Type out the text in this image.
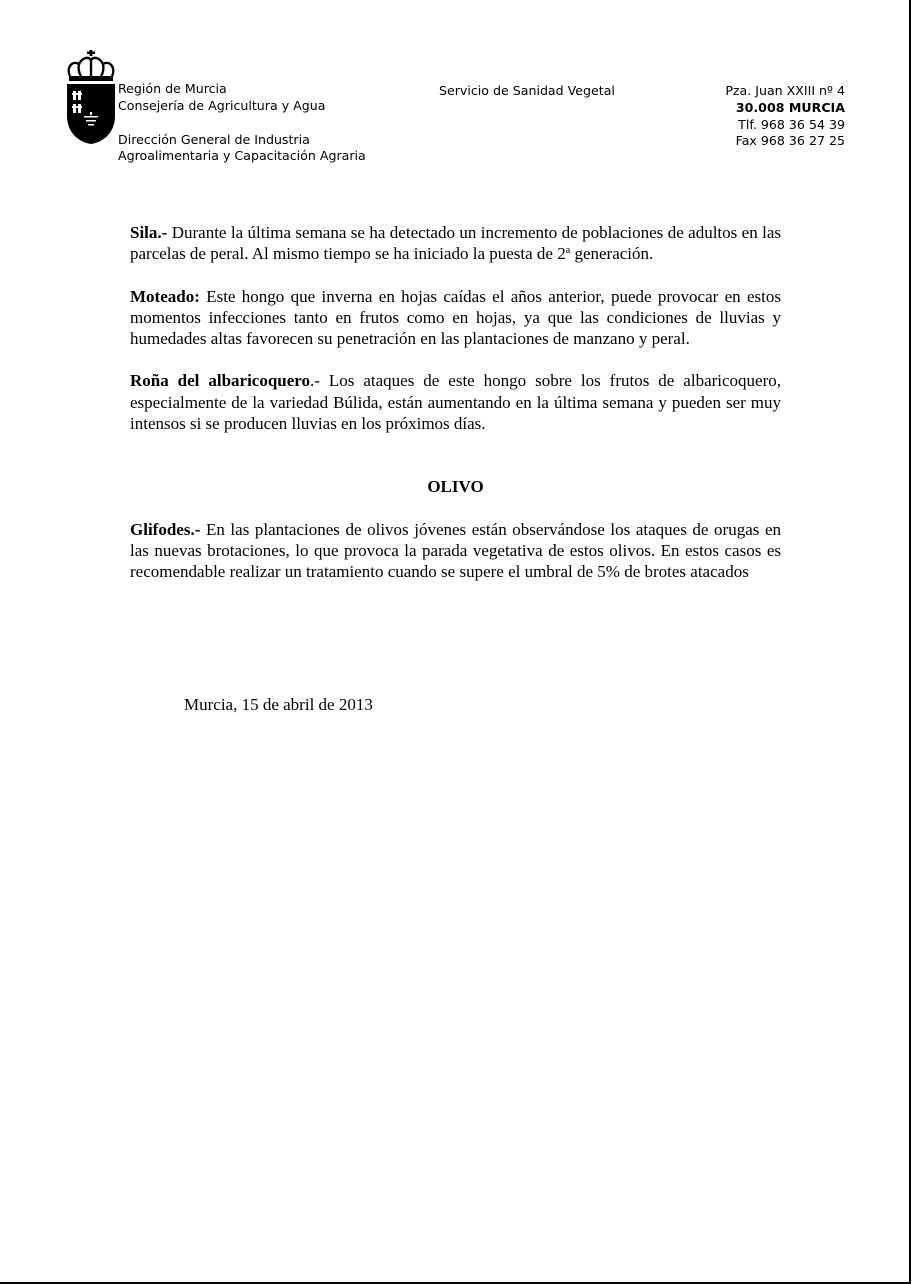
Región de Murcia
Consejería de Agricultura y Agua
Dirección General de Industria
Agroalimentaria y Capacitación Agraria
Servicio de Sanidad Vegetal	Pza. Juan XXIII nº 4
30.008 MURCIA
Tlf. 968 36 54 39
Fax 968 36 27 25

Sila.- Durante la última semana se ha detectado un incremento de poblaciones de adultos en las parcelas de peral. Al mismo tiempo se ha iniciado la puesta de 2$^a$ generación.

Moteado: Este hongo que inverna en hojas caídas el años anterior, puede provocar en estos momentos infecciones tanto en frutos como en hojas, ya que las condiciones de lluvias y humedades altas favorecen su penetración en las plantaciones de manzano y peral.

Roña del albaricoquero.- Los ataques de este hongo sobre los frutos de albaricoquero, especialmente de la variedad Búlida, están aumentando en la última semana y pueden ser muy intensos si se producen lluvias en los próximos días.

OLIVO

Glifodes.- En las plantaciones de olivos jóvenes están observándose los ataques de orugas en las nuevas brotaciones, lo que provoca la parada vegetativa de estos olivos. En estos casos es recomendable realizar un tratamiento cuando se supere el umbral de 5% de brotes atacados

Murcia, 15 de abril de 2013
